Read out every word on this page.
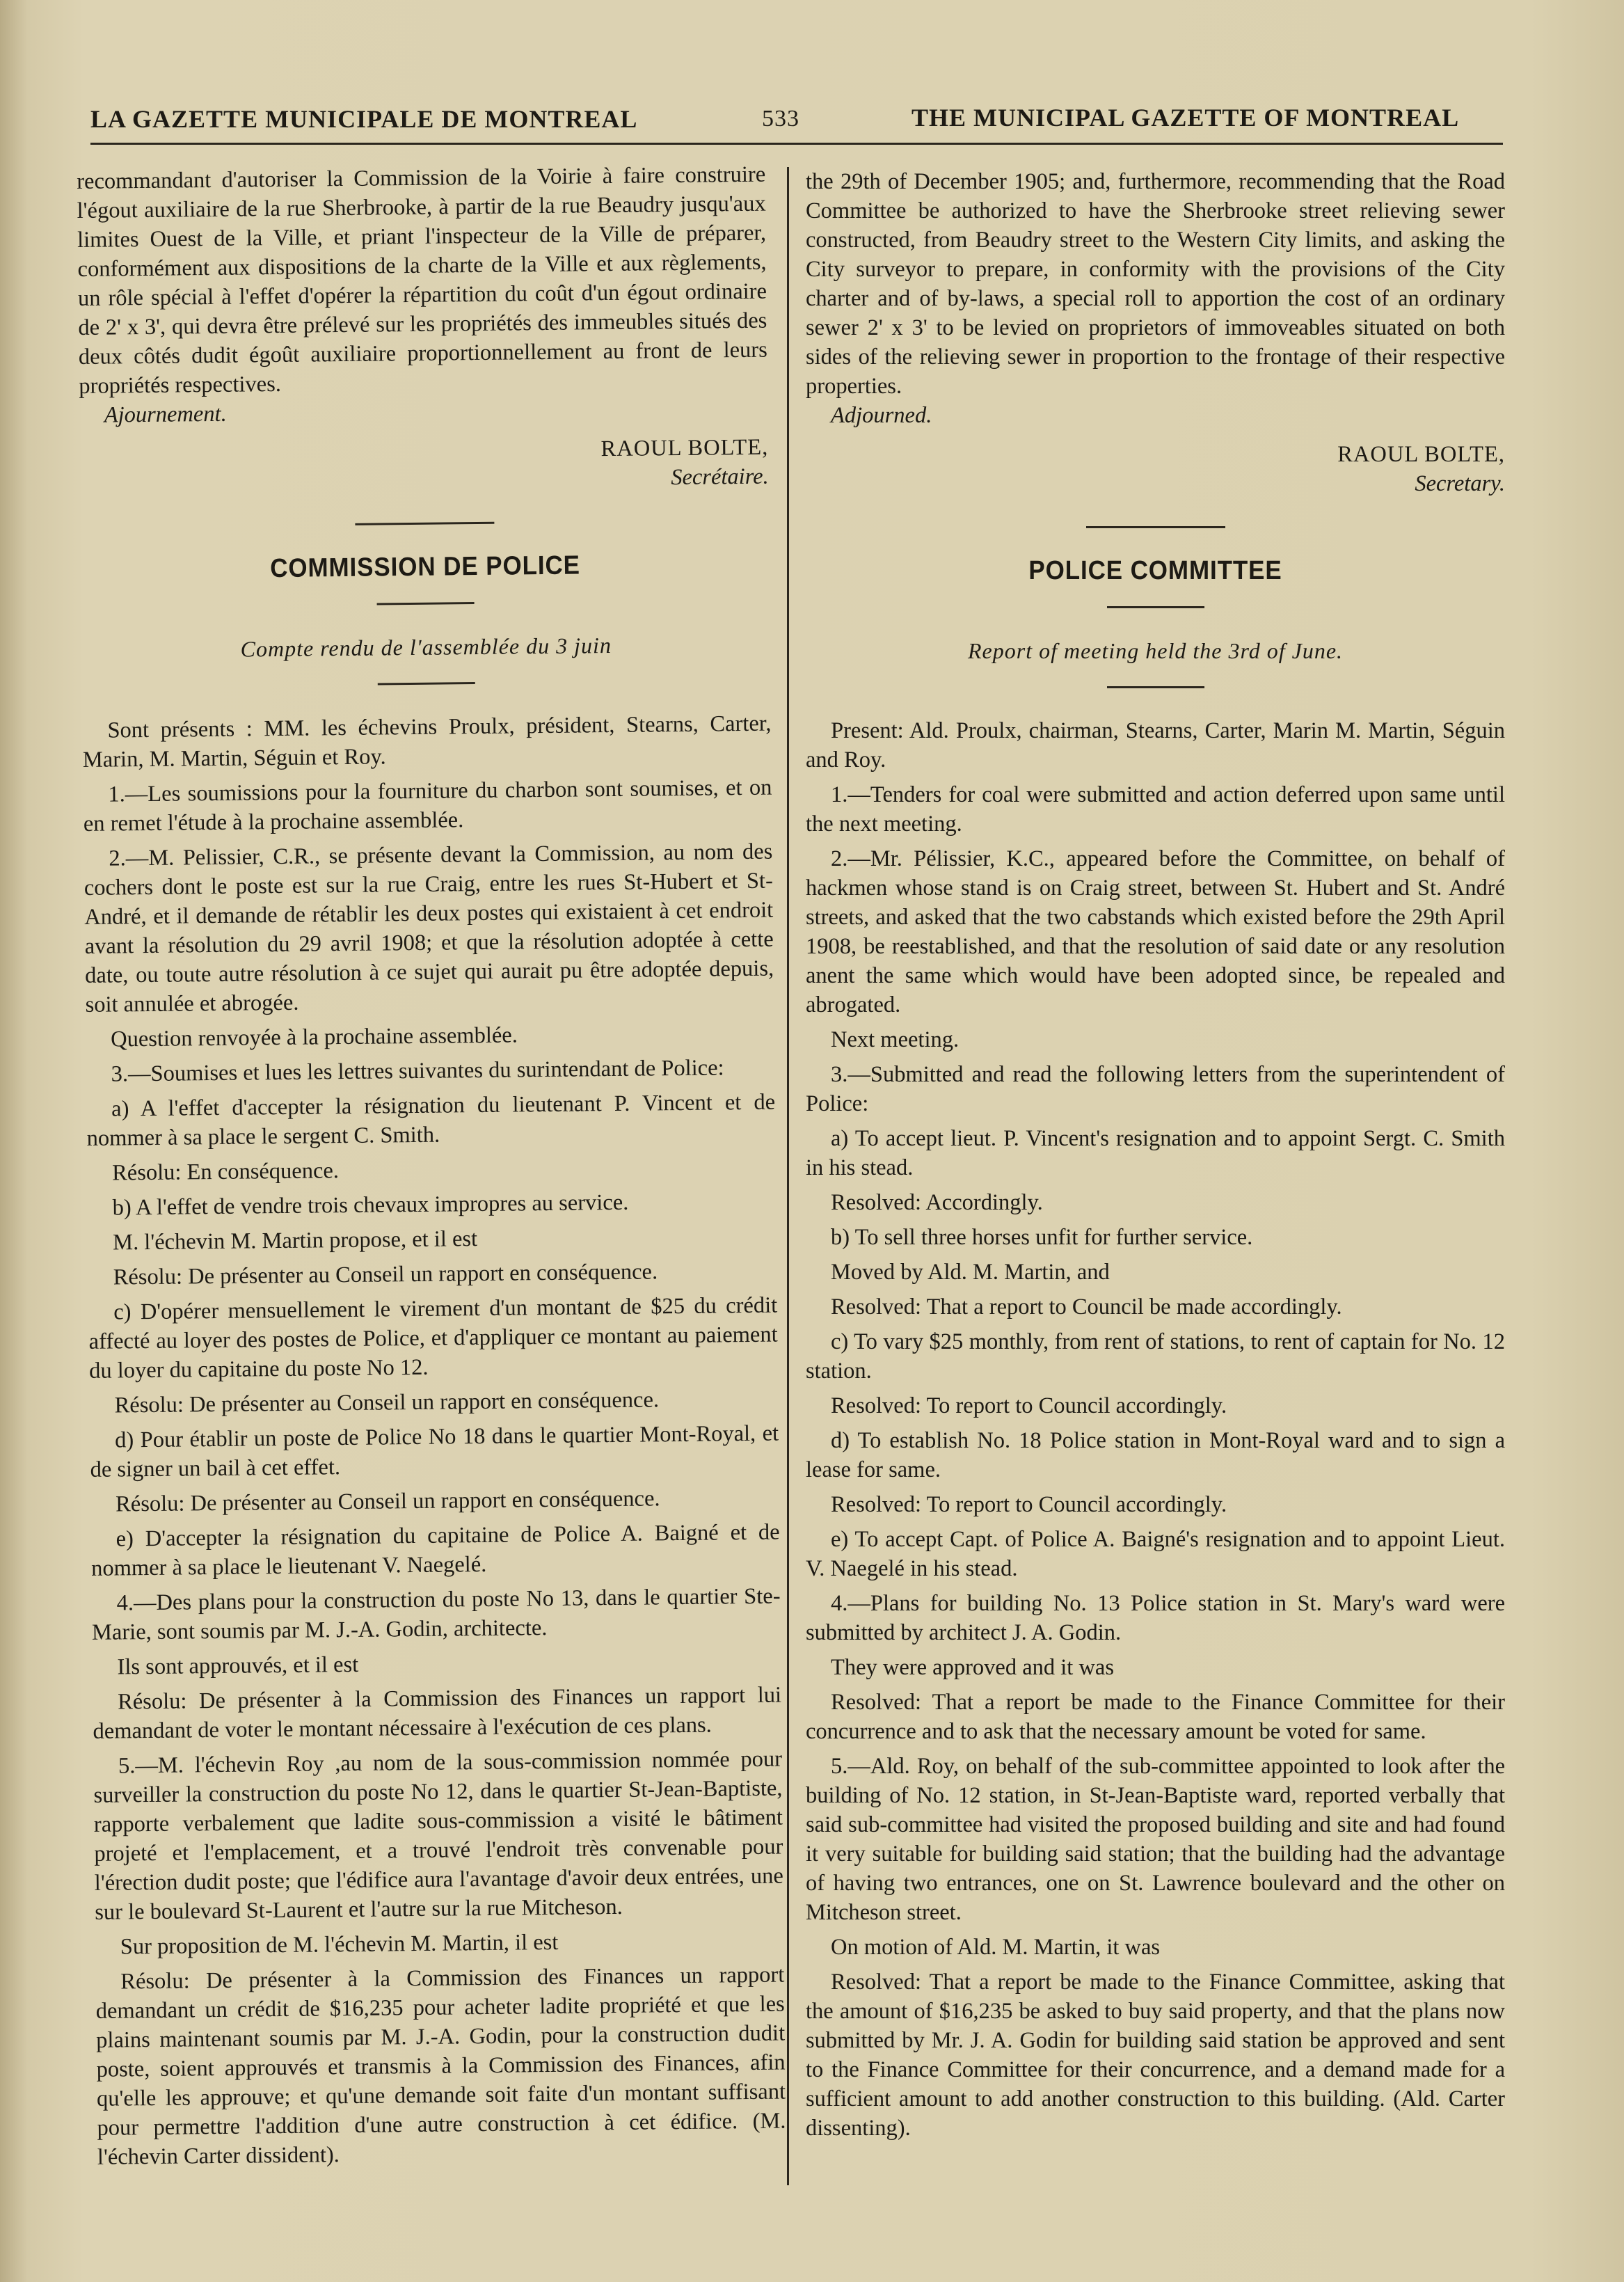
LA GAZETTE MUNICIPALE DE MONTREAL	533	THE MUNICIPAL GAZETTE OF MONTREAL

recommandant d'autoriser la Commission de la Voirie à faire construire l'égout auxiliaire de la rue Sherbrooke, à partir de la rue Beaudry jusqu'aux limites Ouest de la Ville, et priant l'inspecteur de la Ville de préparer, conformément aux dispositions de la charte de la Ville et aux règlements, un rôle spécial à l'effet d'opérer la répartition du coût d'un égout ordinaire de 2' x 3', qui devra être prélevé sur les propriétés des immeubles situés des deux côtés dudit égoût auxiliaire proportionnellement au front de leurs propriétés respectives.

Ajournement.

RAOUL BOLTE,
Secrétaire.
COMMISSION DE POLICE
Compte rendu de l'assemblée du 3 juin

Sont présents : MM. les échevins Proulx, président, Stearns, Carter, Marin, M. Martin, Séguin et Roy.

1.—Les soumissions pour la fourniture du charbon sont soumises, et on en remet l'étude à la prochaine assemblée.

2.—M. Pelissier, C.R., se présente devant la Commission, au nom des cochers dont le poste est sur la rue Craig, entre les rues St-Hubert et St-André, et il demande de rétablir les deux postes qui existaient à cet endroit avant la résolution du 29 avril 1908; et que la résolution adoptée à cette date, ou toute autre résolution à ce sujet qui aurait pu être adoptée depuis, soit annulée et abrogée.

Question renvoyée à la prochaine assemblée.

3.—Soumises et lues les lettres suivantes du surintendant de Police:

a) A l'effet d'accepter la résignation du lieutenant P. Vincent et de nommer à sa place le sergent C. Smith.

Résolu: En conséquence.

b) A l'effet de vendre trois chevaux impropres au service.

M. l'échevin M. Martin propose, et il est

Résolu: De présenter au Conseil un rapport en conséquence.

c) D'opérer mensuellement le virement d'un montant de $25 du crédit affecté au loyer des postes de Police, et d'appliquer ce montant au paiement du loyer du capitaine du poste No 12.

Résolu: De présenter au Conseil un rapport en conséquence.

d) Pour établir un poste de Police No 18 dans le quartier Mont-Royal, et de signer un bail à cet effet.

Résolu: De présenter au Conseil un rapport en conséquence.

e) D'accepter la résignation du capitaine de Police A. Baigné et de nommer à sa place le lieutenant V. Naegelé.

4.—Des plans pour la construction du poste No 13, dans le quartier Ste-Marie, sont soumis par M. J.-A. Godin, architecte.

Ils sont approuvés, et il est

Résolu: De présenter à la Commission des Finances un rapport lui demandant de voter le montant nécessaire à l'exécution de ces plans.

5.—M. l'échevin Roy ,au nom de la sous-commission nommée pour surveiller la construction du poste No 12, dans le quartier St-Jean-Baptiste, rapporte verbalement que ladite sous-commission a visité le bâtiment projeté et l'emplacement, et a trouvé l'endroit très convenable pour l'érection dudit poste; que l'édifice aura l'avantage d'avoir deux entrées, une sur le boulevard St-Laurent et l'autre sur la rue Mitcheson.

Sur proposition de M. l'échevin M. Martin, il est

Résolu: De présenter à la Commission des Finances un rapport demandant un crédit de $16,235 pour acheter ladite propriété et que les plains maintenant soumis par M. J.-A. Godin, pour la construction dudit poste, soient approuvés et transmis à la Commission des Finances, afin qu'elle les approuve; et qu'une demande soit faite d'un montant suffisant pour permettre l'addition d'une autre construction à cet édifice. (M. l'échevin Carter dissident).

the 29th of December 1905; and, furthermore, recommending that the Road Committee be authorized to have the Sherbrooke street relieving sewer constructed, from Beaudry street to the Western City limits, and asking the City surveyor to prepare, in conformity with the provisions of the City charter and of by-laws, a special roll to apportion the cost of an ordinary sewer 2' x 3' to be levied on proprietors of immoveables situated on both sides of the relieving sewer in proportion to the frontage of their respective properties.

Adjourned.

RAOUL BOLTE,
Secretary.
POLICE COMMITTEE
Report of meeting held the 3rd of June.

Present: Ald. Proulx, chairman, Stearns, Carter, Marin M. Martin, Séguin and Roy.

1.—Tenders for coal were submitted and action deferred upon same until the next meeting.

2.—Mr. Pélissier, K.C., appeared before the Committee, on behalf of hackmen whose stand is on Craig street, between St. Hubert and St. André streets, and asked that the two cabstands which existed before the 29th April 1908, be reestablished, and that the resolution of said date or any resolution anent the same which would have been adopted since, be repealed and abrogated.

Next meeting.

3.—Submitted and read the following letters from the superintendent of Police:

a) To accept lieut. P. Vincent's resignation and to appoint Sergt. C. Smith in his stead.

Resolved: Accordingly.

b) To sell three horses unfit for further service.

Moved by Ald. M. Martin, and

Resolved: That a report to Council be made accordingly.

c) To vary $25 monthly, from rent of stations, to rent of captain for No. 12 station.

Resolved: To report to Council accordingly.

d) To establish No. 18 Police station in Mont-Royal ward and to sign a lease for same.

Resolved: To report to Council accordingly.

e) To accept Capt. of Police A. Baigné's resignation and to appoint Lieut. V. Naegelé in his stead.

4.—Plans for building No. 13 Police station in St. Mary's ward were submitted by architect J. A. Godin.

They were approved and it was

Resolved: That a report be made to the Finance Committee for their concurrence and to ask that the necessary amount be voted for same.

5.—Ald. Roy, on behalf of the sub-committee appointed to look after the building of No. 12 station, in St-Jean-Baptiste ward, reported verbally that said sub-committee had visited the proposed building and site and had found it very suitable for building said station; that the building had the advantage of having two entrances, one on St. Lawrence boulevard and the other on Mitcheson street.

On motion of Ald. M. Martin, it was

Resolved: That a report be made to the Finance Committee, asking that the amount of $16,235 be asked to buy said property, and that the plans now submitted by Mr. J. A. Godin for building said station be approved and sent to the Finance Committee for their concurrence, and a demand made for a sufficient amount to add another construction to this building. (Ald. Carter dissenting).
